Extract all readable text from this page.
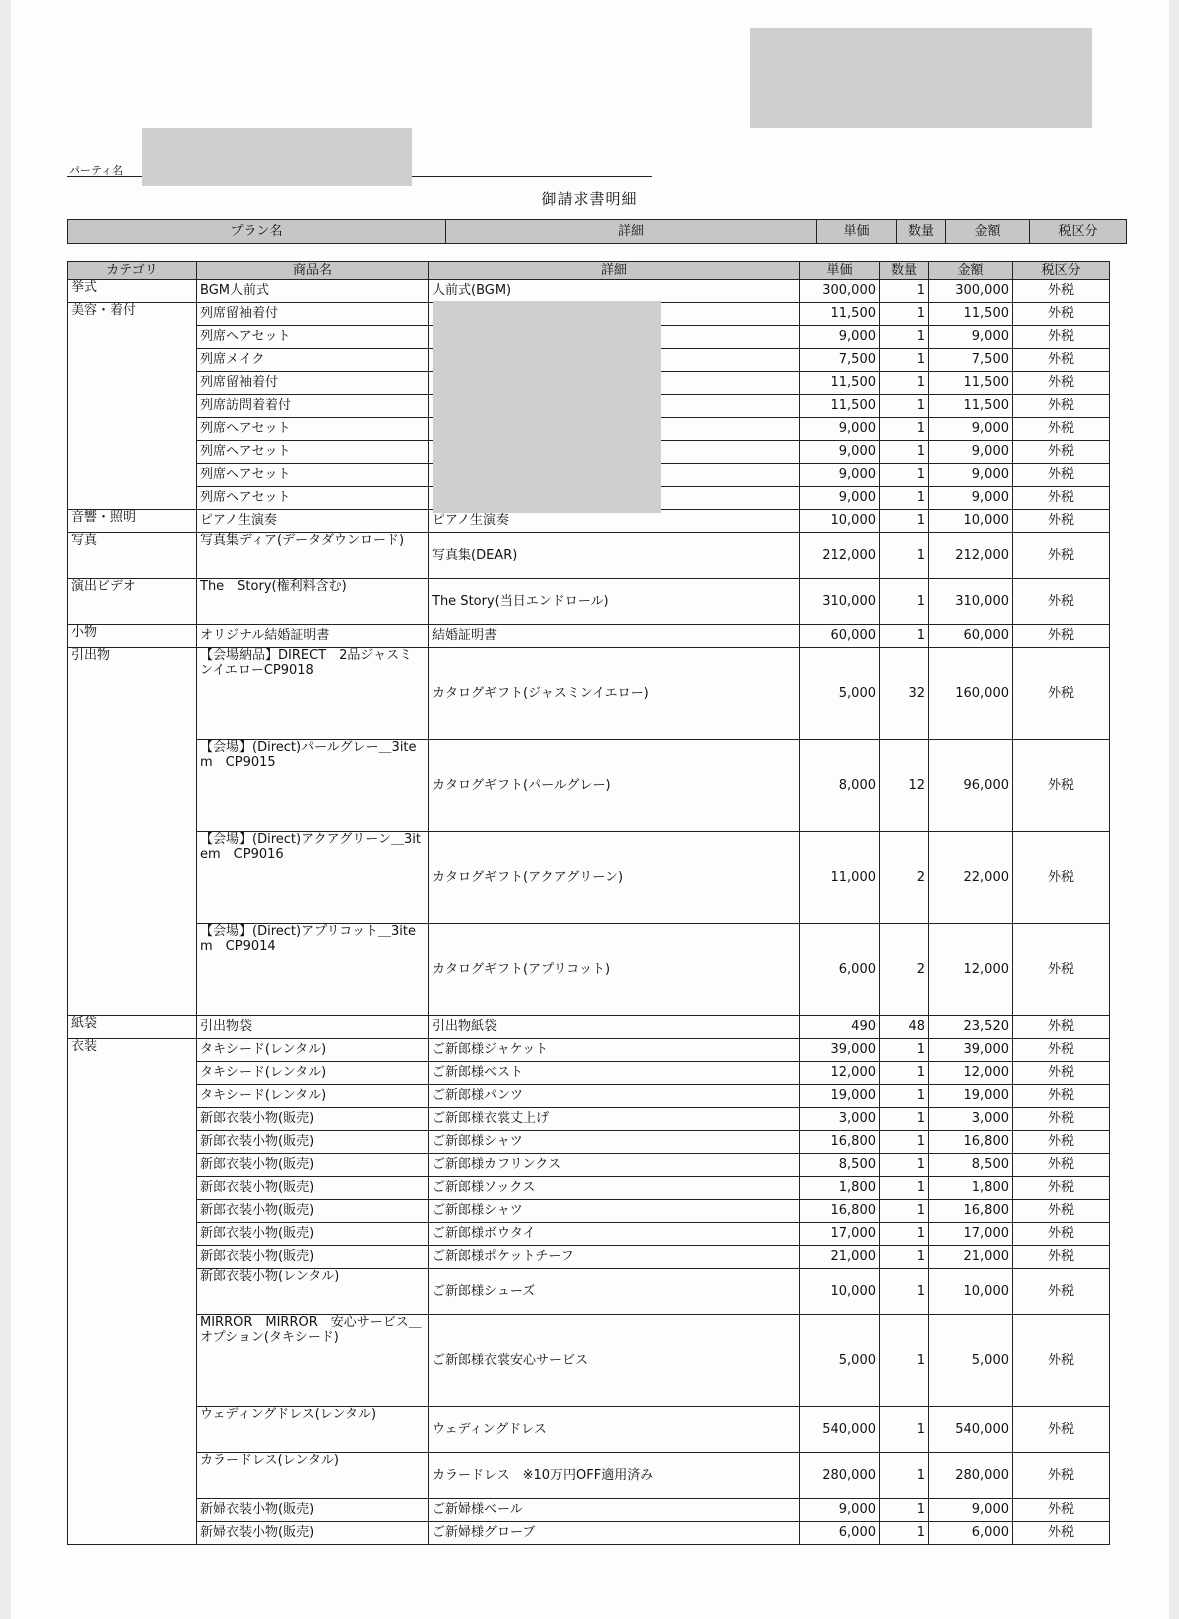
パーティ名
御請求書明細
プラン名	詳細	単価	数量	金額	税区分
カテゴリ	商品名	詳細	単価	数量	金額	税区分
挙式	BGM人前式	人前式(BGM)	300,000	1	300,000	外税
美容・着付	列席留袖着付		11,500	1	11,500	外税
	列席ヘアセット		9,000	1	9,000	外税
	列席メイク		7,500	1	7,500	外税
	列席留袖着付		11,500	1	11,500	外税
	列席訪問着着付		11,500	1	11,500	外税
	列席ヘアセット		9,000	1	9,000	外税
	列席ヘアセット		9,000	1	9,000	外税
	列席ヘアセット		9,000	1	9,000	外税
	列席ヘアセット		9,000	1	9,000	外税
音響・照明	ピアノ生演奏	ピアノ生演奏	10,000	1	10,000	外税
写真	写真集ディア(データダウンロード)	写真集(DEAR)	212,000	1	212,000	外税
演出ビデオ	The　Story(権利料含む)	The Story(当日エンドロール)	310,000	1	310,000	外税
小物	オリジナル結婚証明書	結婚証明書	60,000	1	60,000	外税
引出物	【会場納品】DIRECT　2品ジャスミンイエローCP9018	カタログギフト(ジャスミンイエロー)	5,000	32	160,000	外税
	【会場】(Direct)パールグレー＿3item　CP9015	カタログギフト(パールグレー)	8,000	12	96,000	外税
	【会場】(Direct)アクアグリーン＿3item　CP9016	カタログギフト(アクアグリーン)	11,000	2	22,000	外税
	【会場】(Direct)アプリコット＿3item　CP9014	カタログギフト(アプリコット)	6,000	2	12,000	外税
紙袋	引出物袋	引出物紙袋	490	48	23,520	外税
衣装	タキシード(レンタル)	ご新郎様ジャケット	39,000	1	39,000	外税
	タキシード(レンタル)	ご新郎様ベスト	12,000	1	12,000	外税
	タキシード(レンタル)	ご新郎様パンツ	19,000	1	19,000	外税
	新郎衣装小物(販売)	ご新郎様衣裳丈上げ	3,000	1	3,000	外税
	新郎衣装小物(販売)	ご新郎様シャツ	16,800	1	16,800	外税
	新郎衣装小物(販売)	ご新郎様カフリンクス	8,500	1	8,500	外税
	新郎衣装小物(販売)	ご新郎様ソックス	1,800	1	1,800	外税
	新郎衣装小物(販売)	ご新郎様シャツ	16,800	1	16,800	外税
	新郎衣装小物(販売)	ご新郎様ボウタイ	17,000	1	17,000	外税
	新郎衣装小物(販売)	ご新郎様ポケットチーフ	21,000	1	21,000	外税
	新郎衣装小物(レンタル)	ご新郎様シューズ	10,000	1	10,000	外税
	MIRROR　MIRROR　安心サービス＿オプション(タキシード)	ご新郎様衣裳安心サービス	5,000	1	5,000	外税
	ウェディングドレス(レンタル)	ウェディングドレス	540,000	1	540,000	外税
	カラードレス(レンタル)	カラードレス　※10万円OFF適用済み	280,000	1	280,000	外税
	新婦衣装小物(販売)	ご新婦様ベール	9,000	1	9,000	外税
	新婦衣装小物(販売)	ご新婦様グローブ	6,000	1	6,000	外税
